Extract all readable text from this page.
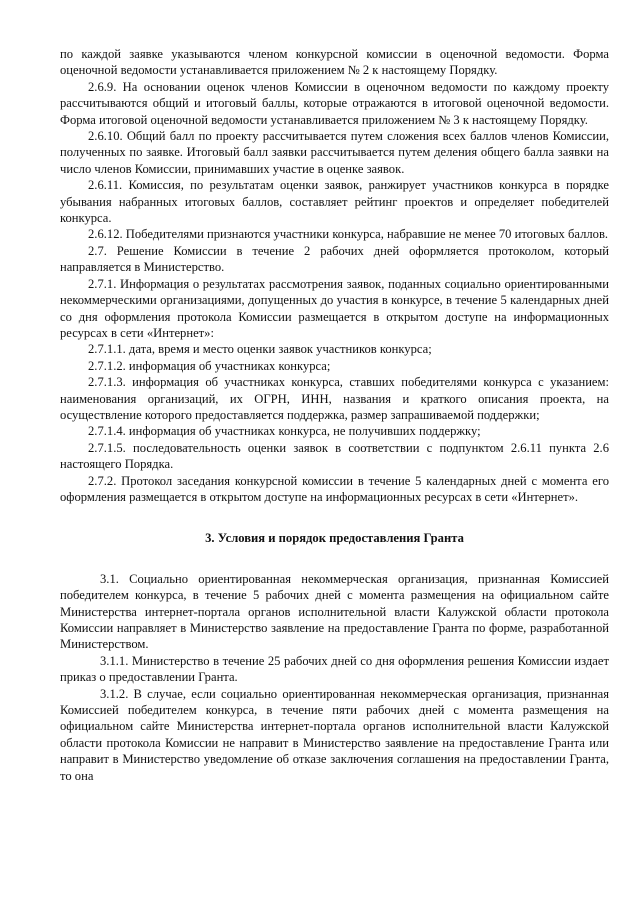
по каждой заявке указываются членом конкурсной комиссии в оценочной ведомости. Форма оценочной ведомости устанавливается приложением № 2 к настоящему Порядку.

2.6.9. На основании оценок членов Комиссии в оценочном ведомости по каждому проекту рассчитываются общий и итоговый баллы, которые отражаются в итоговой оценочной ведомости. Форма итоговой оценочной ведомости устанавливается приложением № 3 к настоящему Порядку.

2.6.10. Общий балл по проекту рассчитывается путем сложения всех баллов членов Комиссии, полученных по заявке. Итоговый балл заявки рассчитывается путем деления общего балла заявки на число членов Комиссии, принимавших участие в оценке заявок.

2.6.11. Комиссия, по результатам оценки заявок, ранжирует участников конкурса в порядке убывания набранных итоговых баллов, составляет рейтинг проектов и определяет победителей конкурса.

2.6.12. Победителями признаются участники конкурса, набравшие не менее 70 итоговых баллов.

2.7. Решение Комиссии в течение 2 рабочих дней оформляется протоколом, который направляется в Министерство.

2.7.1. Информация о результатах рассмотрения заявок, поданных социально ориентированными некоммерческими организациями, допущенных до участия в конкурсе, в течение 5 календарных дней со дня оформления протокола Комиссии размещается в открытом доступе на информационных ресурсах в сети «Интернет»:

2.7.1.1. дата, время и место оценки заявок участников конкурса;

2.7.1.2. информация об участниках конкурса;

2.7.1.3. информация об участниках конкурса, ставших победителями конкурса с указанием: наименования организаций, их ОГРН, ИНН, названия и краткого описания проекта, на осуществление которого предоставляется поддержка, размер запрашиваемой поддержки;

2.7.1.4. информация об участниках конкурса, не получивших поддержку;

2.7.1.5. последовательность оценки заявок в соответствии с подпунктом 2.6.11 пункта 2.6 настоящего Порядка.

2.7.2. Протокол заседания конкурсной комиссии в течение 5 календарных дней с момента его оформления размещается в открытом доступе на информационных ресурсах в сети «Интернет».

3. Условия и порядок предоставления Гранта

3.1. Социально ориентированная некоммерческая организация, признанная Комиссией победителем конкурса, в течение 5 рабочих дней с момента размещения на официальном сайте Министерства интернет-портала органов исполнительной власти Калужской области протокола Комиссии направляет в Министерство заявление на предоставление Гранта по форме, разработанной Министерством.

3.1.1. Министерство в течение 25 рабочих дней со дня оформления решения Комиссии издает приказ о предоставлении Гранта.

3.1.2. В случае, если социально ориентированная некоммерческая организация, признанная Комиссией победителем конкурса, в течение пяти рабочих дней с момента размещения на официальном сайте Министерства интернет-портала органов исполнительной власти Калужской области протокола Комиссии не направит в Министерство заявление на предоставление Гранта или направит в Министерство уведомление об отказе заключения соглашения на предоставлении Гранта, то она
